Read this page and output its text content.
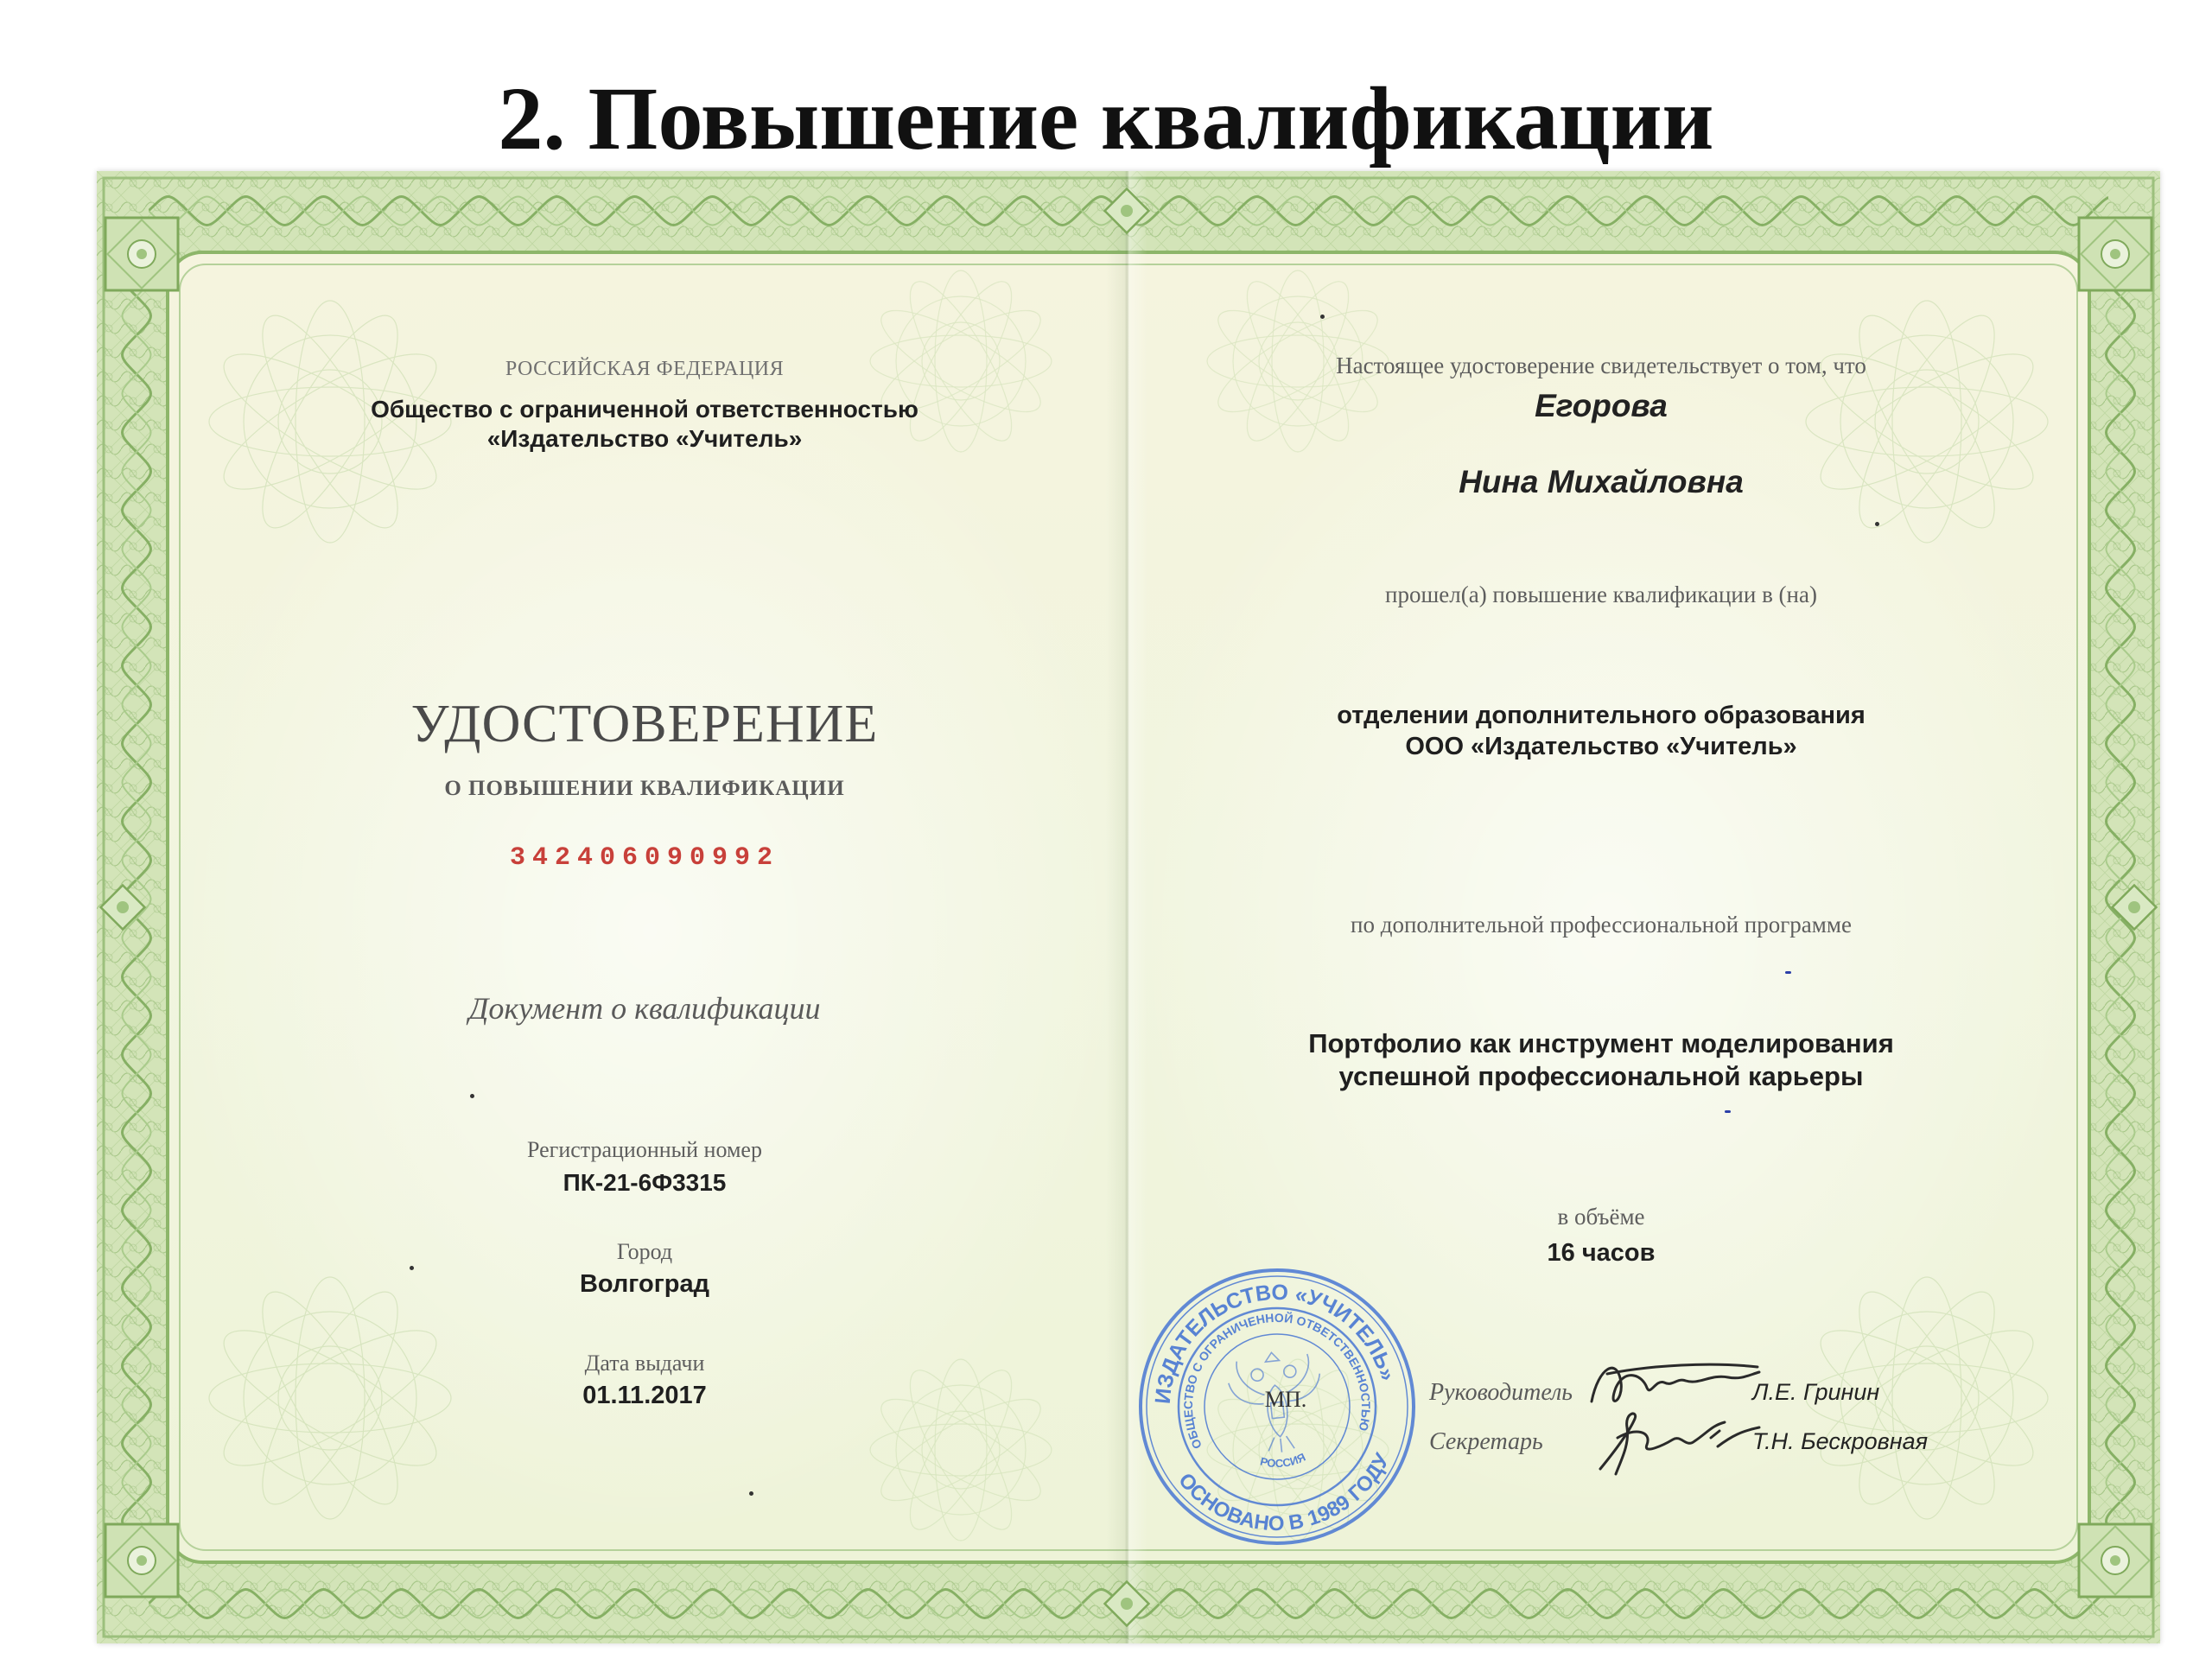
2. Повышение квалификации
РОССИЙСКАЯ ФЕДЕРАЦИЯ
Общество с ограниченной ответственностью
«Издательство «Учитель»
УДОСТОВЕРЕНИЕ
О ПОВЫШЕНИИ КВАЛИФИКАЦИИ
342406090992
Документ о квалификации
Регистрационный номер
ПК-21-6Ф3315
Город
Волгоград
Дата выдачи
01.11.2017
Настоящее удостоверение свидетельствует о том, что
Егорова
Нина Михайловна
прошел(а) повышение квалификации в (на)
отделении дополнительного образования
ООО «Издательство «Учитель»
по дополнительной профессиональной программе
Портфолио как инструмент моделирования
успешной профессиональной карьеры
в объёме
16 часов
ИЗДАТЕЛЬСТВО «УЧИТЕЛЬ»
ОСНОВАНО В 1989 ГОДУ
ОБЩЕСТВО С ОГРАНИЧЕННОЙ ОТВЕТСТВЕННОСТЬЮ
РОССИЯ
МП.	Руководитель	Л.Е. Гринин
Секретарь	Т.Н. Бескровная
